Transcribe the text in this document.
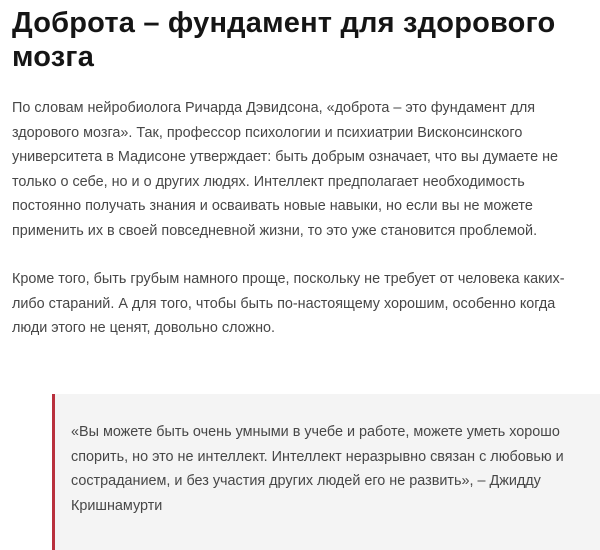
Доброта – фундамент для здорового мозга

По словам нейробиолога Ричарда Дэвидсона, «доброта – это фундамент для здорового мозга». Так, профессор психологии и психиатрии Висконсинского университета в Мадисоне утверждает: быть добрым означает, что вы думаете не только о себе, но и о других людях. Интеллект предполагает необходимость постоянно получать знания и осваивать новые навыки, но если вы не можете применить их в своей повседневной жизни, то это уже становится проблемой.

Кроме того, быть грубым намного проще, поскольку не требует от человека каких-либо стараний. А для того, чтобы быть по-настоящему хорошим, особенно когда люди этого не ценят, довольно сложно.

«Вы можете быть очень умными в учебе и работе, можете уметь хорошо спорить, но это не интеллект. Интеллект неразрывно связан с любовью и состраданием, и без участия других людей его не развить», – Джидду Кришнамурти
